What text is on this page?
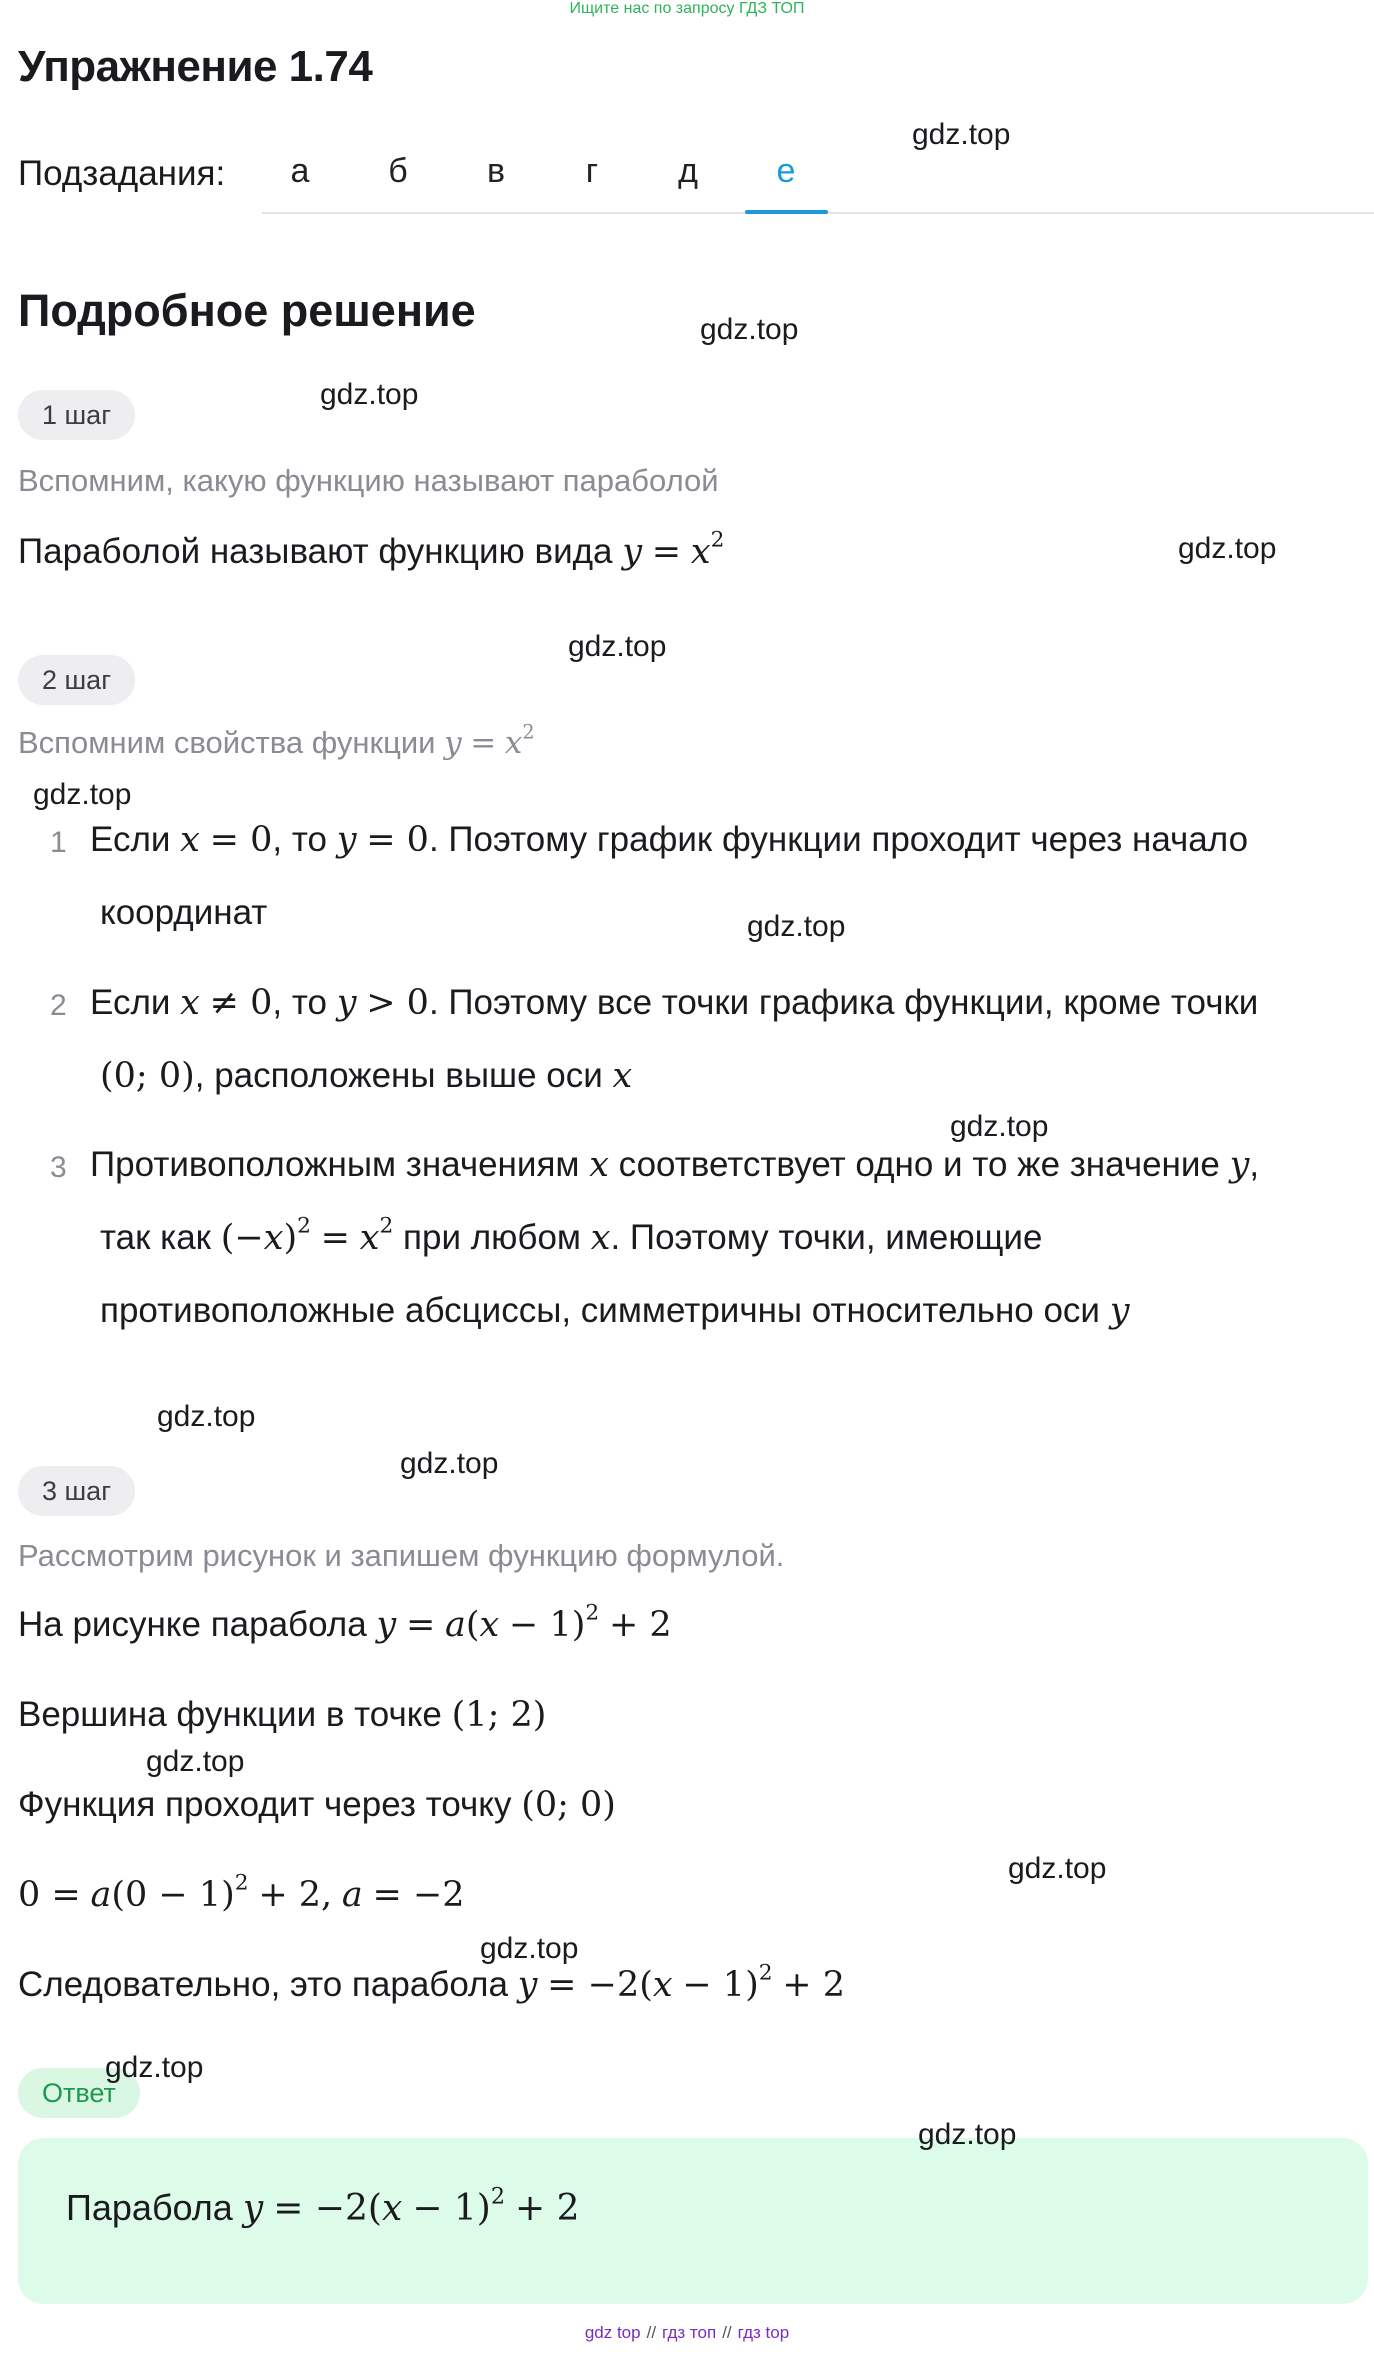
Ищите нас по запросу ГДЗ ТОП
Упражнение 1.74
Подзадания:	а	б	в	г	д	е
Подробное решение
1 шаг
Вспомним, какую функцию называют параболой
Параболой называют функцию вида $y = x^2$
2 шаг
Вспомним свойства функции $y = x^2$
1 Если x = 0, то y = 0. Поэтому график функции проходит через начало
координат
2 Если x ≠ 0, то y > 0. Поэтому все точки графика функции, кроме точки
(0; 0), расположены выше оси x
3 Противоположным значениям x соответствует одно и то же значение y,
так как $(-x)^2 = x^2$ при любом x. Поэтому точки, имеющие
противоположные абсциссы, симметричны относительно оси y
3 шаг
Рассмотрим рисунок и запишем функцию формулой.
На рисунке парабола $y = a(x - 1)^2 + 2$
Вершина функции в точке (1; 2)
Функция проходит через точку (0; 0)
$0 = a(0 - 1)^2 + 2$, a = −2
Следовательно, это парабола $y = -2(x - 1)^2 + 2$
Ответ
Парабола $y = -2(x - 1)^2 + 2$
gdz.top
gdz.top
gdz.top
gdz.top
gdz.top
gdz.top
gdz.top
gdz.top
gdz.top
gdz.top
gdz.top
gdz.top
gdz.top
gdz.top
gdz.top
gdz top // гдз топ // гдз top
